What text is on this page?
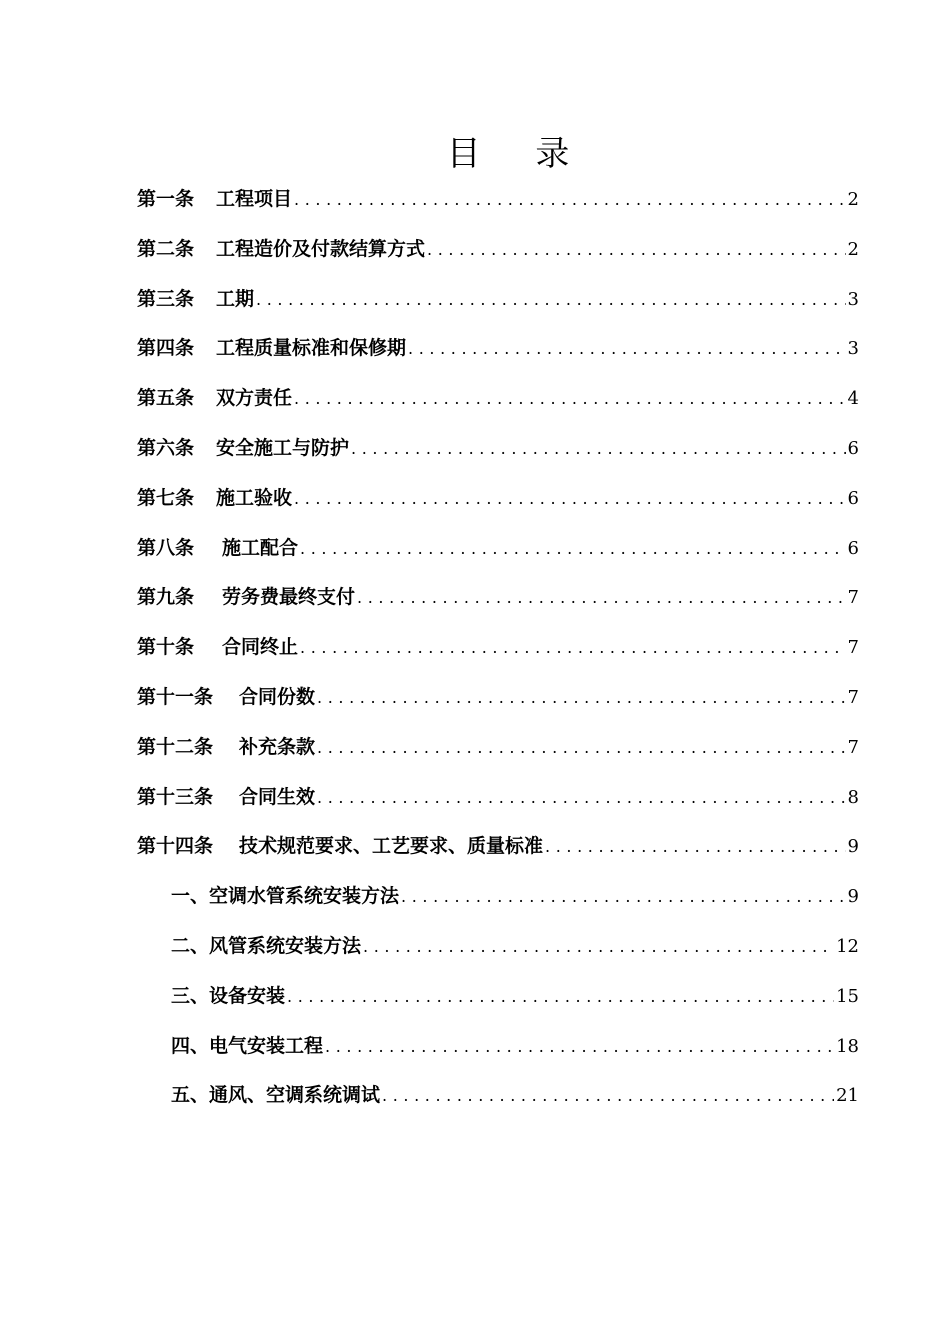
目 录
第一条 工程项目 .....	2
第二条 工程造价及付款结算方式 .....	2
第三条 工期 .....	3
第四条 工程质量标准和保修期 .....	3
第五条 双方责任 .....	4
第六条 安全施工与防护 .....	6
第七条 施工验收 .....	6
第八条 施工配合 .....	6
第九条 劳务费最终支付 .....	7
第十条 合同终止 .....	7
第十一条 合同份数 .....	7
第十二条 补充条款 .....	7
第十三条 合同生效 .....	8
第十四条 技术规范要求、工艺要求、质量标准 .....	9
一、空调水管系统安装方法 .....	9
二、风管系统安装方法 .....	12
三、设备安装 .....	15
四、电气安装工程 .....	18
五、通风、空调系统调试 .....	21
